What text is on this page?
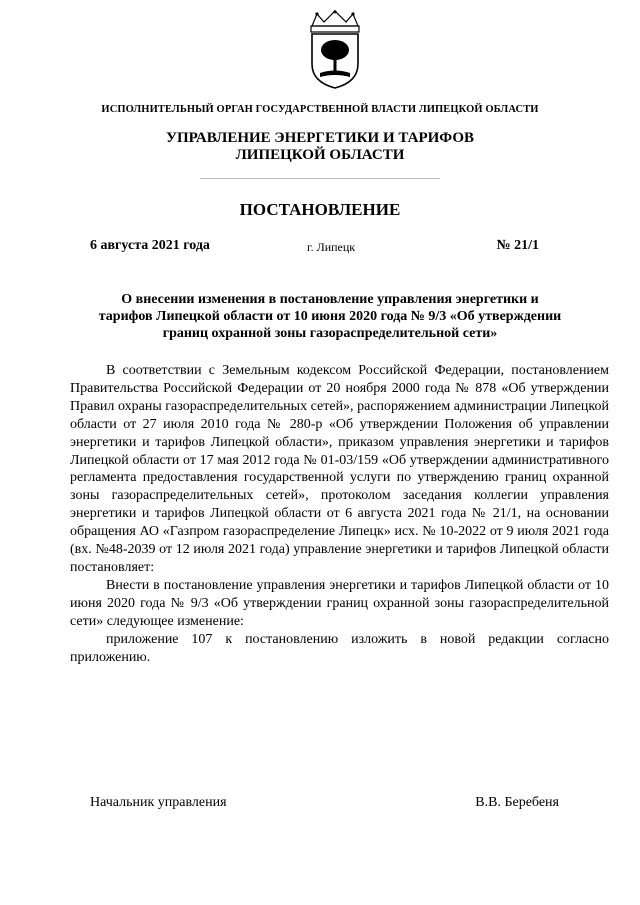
ИСПОЛНИТЕЛЬНЫЙ ОРГАН ГОСУДАРСТВЕННОЙ ВЛАСТИ ЛИПЕЦКОЙ ОБЛАСТИ
УПРАВЛЕНИЕ ЭНЕРГЕТИКИ И ТАРИФОВ
ЛИПЕЦКОЙ ОБЛАСТИ
ПОСТАНОВЛЕНИЕ
6 августа 2021 года	г. Липецк	№ 21/1
О внесении изменения в постановление управления энергетики и
тарифов Липецкой области от 10 июня 2020 года № 9/3 «Об утверждении
границ охранной зоны газораспределительной сети»

В соответствии с Земельным кодексом Российской Федерации, постановлением Правительства Российской Федерации от 20 ноября 2000 года № 878 «Об утверждении Правил охраны газораспределительных сетей», распоряжением администрации Липецкой области от 27 июля 2010 года № 280-р «Об утверждении Положения об управлении энергетики и тарифов Липецкой области», приказом управления энергетики и тарифов Липецкой области от 17 мая 2012 года № 01-03/159 «Об утверждении административного регламента предоставления государственной услуги по утверждению границ охранной зоны газораспределительных сетей», протоколом заседания коллегии управления энергетики и тарифов Липецкой области от 6 августа 2021 года № 21/1, на основании обращения АО «Газпром газораспределение Липецк» исх. № 10-2022 от 9 июля 2021 года (вх. №48-2039 от 12 июля 2021 года) управление энергетики и тарифов Липецкой области постановляет:

Внести в постановление управления энергетики и тарифов Липецкой области от 10 июня 2020 года № 9/3 «Об утверждении границ охранной зоны газораспределительной сети» следующее изменение:

приложение 107 к постановлению изложить в новой редакции согласно приложению.

Начальник управления	В.В. Беребеня
